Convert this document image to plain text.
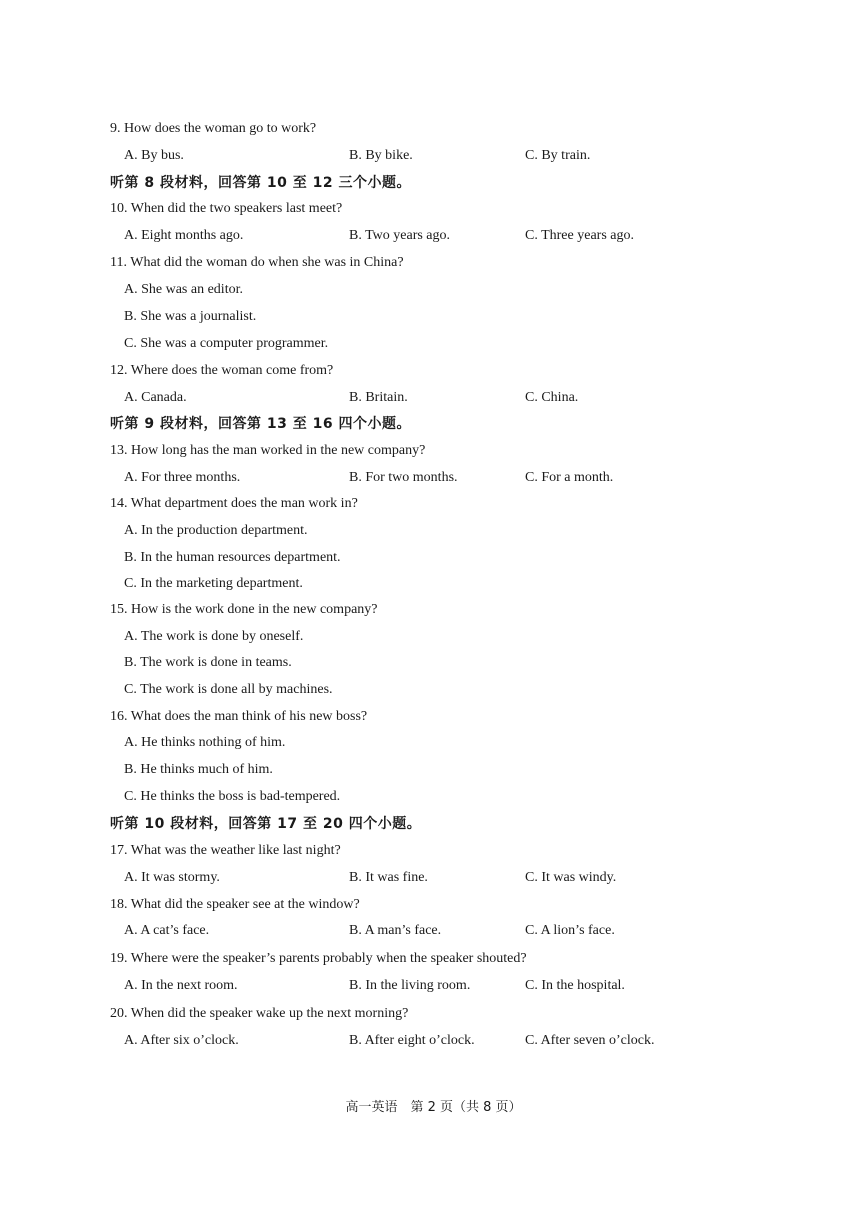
9. How does the woman go to work?
A. By bus.	B. By bike.	C. By train.
听第 8 段材料，回答第 10 至 12 三个小题。
10. When did the two speakers last meet?
A. Eight months ago.	B. Two years ago.	C. Three years ago.
11. What did the woman do when she was in China?
A. She was an editor.
B. She was a journalist.
C. She was a computer programmer.
12. Where does the woman come from?
A. Canada.	B. Britain.	C. China.
听第 9 段材料，回答第 13 至 16 四个小题。
13. How long has the man worked in the new company?
A. For three months.	B. For two months.	C. For a month.
14. What department does the man work in?
A. In the production department.
B. In the human resources department.
C. In the marketing department.
15. How is the work done in the new company?
A. The work is done by oneself.
B. The work is done in teams.
C. The work is done all by machines.
16. What does the man think of his new boss?
A. He thinks nothing of him.
B. He thinks much of him.
C. He thinks the boss is bad-tempered.
听第 10 段材料，回答第 17 至 20 四个小题。
17. What was the weather like last night?
A. It was stormy.	B. It was fine.	C. It was windy.
18. What did the speaker see at the window?
A. A cat’s face.	B. A man’s face.	C. A lion’s face.
19. Where were the speaker’s parents probably when the speaker shouted?
A. In the next room.	B. In the living room.	C. In the hospital.
20. When did the speaker wake up the next morning?
A. After six o’clock.	B. After eight o’clock.	C. After seven o’clock.
高一英语　第 2 页（共 8 页）
